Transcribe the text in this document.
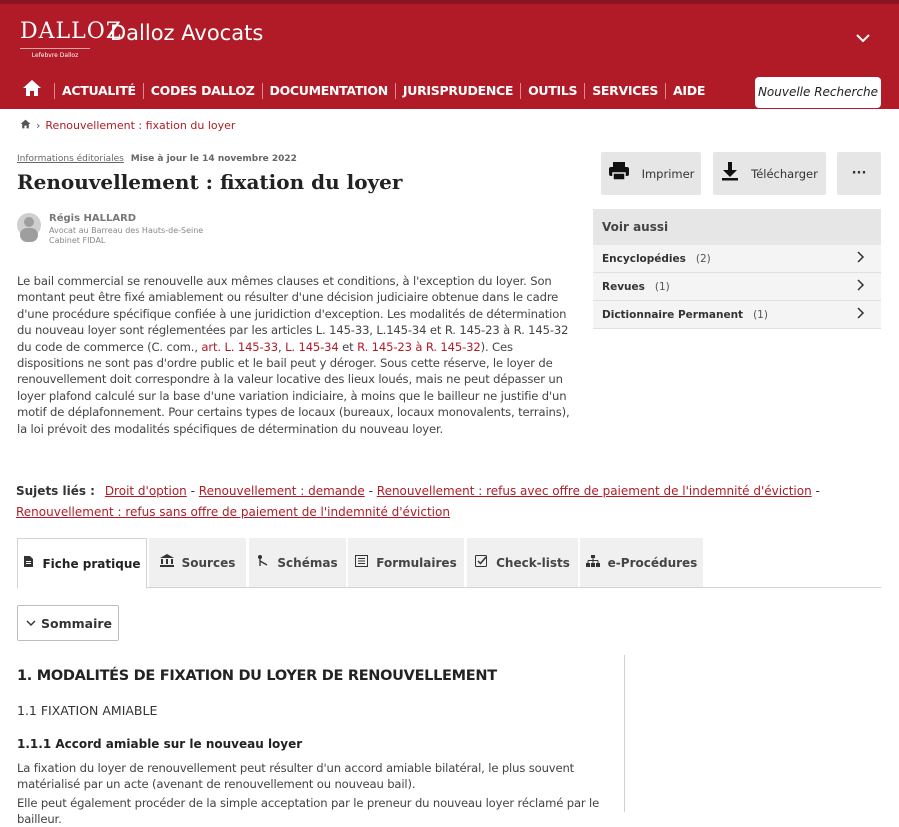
DALLOZ
Lefebvre Dalloz
Dalloz Avocats
ACTUALITÉ	CODES DALLOZ	DOCUMENTATION	JURISPRUDENCE	OUTILS	SERVICES	AIDE	Nouvelle Recherche
› Renouvellement : fixation du loyer
Informations éditoriales Mise à jour le 14 novembre 2022
Renouvellement : fixation du loyer
Régis HALLARD
Avocat au Barreau des Hauts-de-Seine
Cabinet FIDAL
Le bail commercial se renouvelle aux mêmes clauses et conditions, à l'exception du loyer. Son montant peut être fixé amiablement ou résulter d'une décision judiciaire obtenue dans le cadre d'une procédure spécifique confiée à une juridiction d'exception. Les modalités de détermination du nouveau loyer sont réglementées par les articles L. 145-33, L.145-34 et R. 145-23 à R. 145-32 du code de commerce (C. com., art. L. 145-33, L. 145-34 et R. 145-23 à R. 145-32). Ces dispositions ne sont pas d'ordre public et le bail peut y déroger. Sous cette réserve, le loyer de renouvellement doit correspondre à la valeur locative des lieux loués, mais ne peut dépasser un loyer plafond calculé sur la base d'une variation indiciaire, à moins que le bailleur ne justifie d'un motif de déplafonnement. Pour certains types de locaux (bureaux, locaux monovalents, terrains), la loi prévoit des modalités spécifiques de détermination du nouveau loyer.
Imprimer	Télécharger	···
Voir aussi
Encyclopédies (2)
Revues (1)
Dictionnaire Permanent (1)
Sujets liés : Droit d'option - Renouvellement : demande - Renouvellement : refus avec offre de paiement de l'indemnité d'éviction - Renouvellement : refus sans offre de paiement de l'indemnité d'éviction
Fiche pratique	Sources	Schémas	Formulaires	Check-lists	e-Procédures
Sommaire
1. MODALITÉS DE FIXATION DU LOYER DE RENOUVELLEMENT
1.1 FIXATION AMIABLE
1.1.1 Accord amiable sur le nouveau loyer
La fixation du loyer de renouvellement peut résulter d'un accord amiable bilatéral, le plus souvent matérialisé par un acte (avenant de renouvellement ou nouveau bail).
Elle peut également procéder de la simple acceptation par le preneur du nouveau loyer réclamé par le bailleur.
